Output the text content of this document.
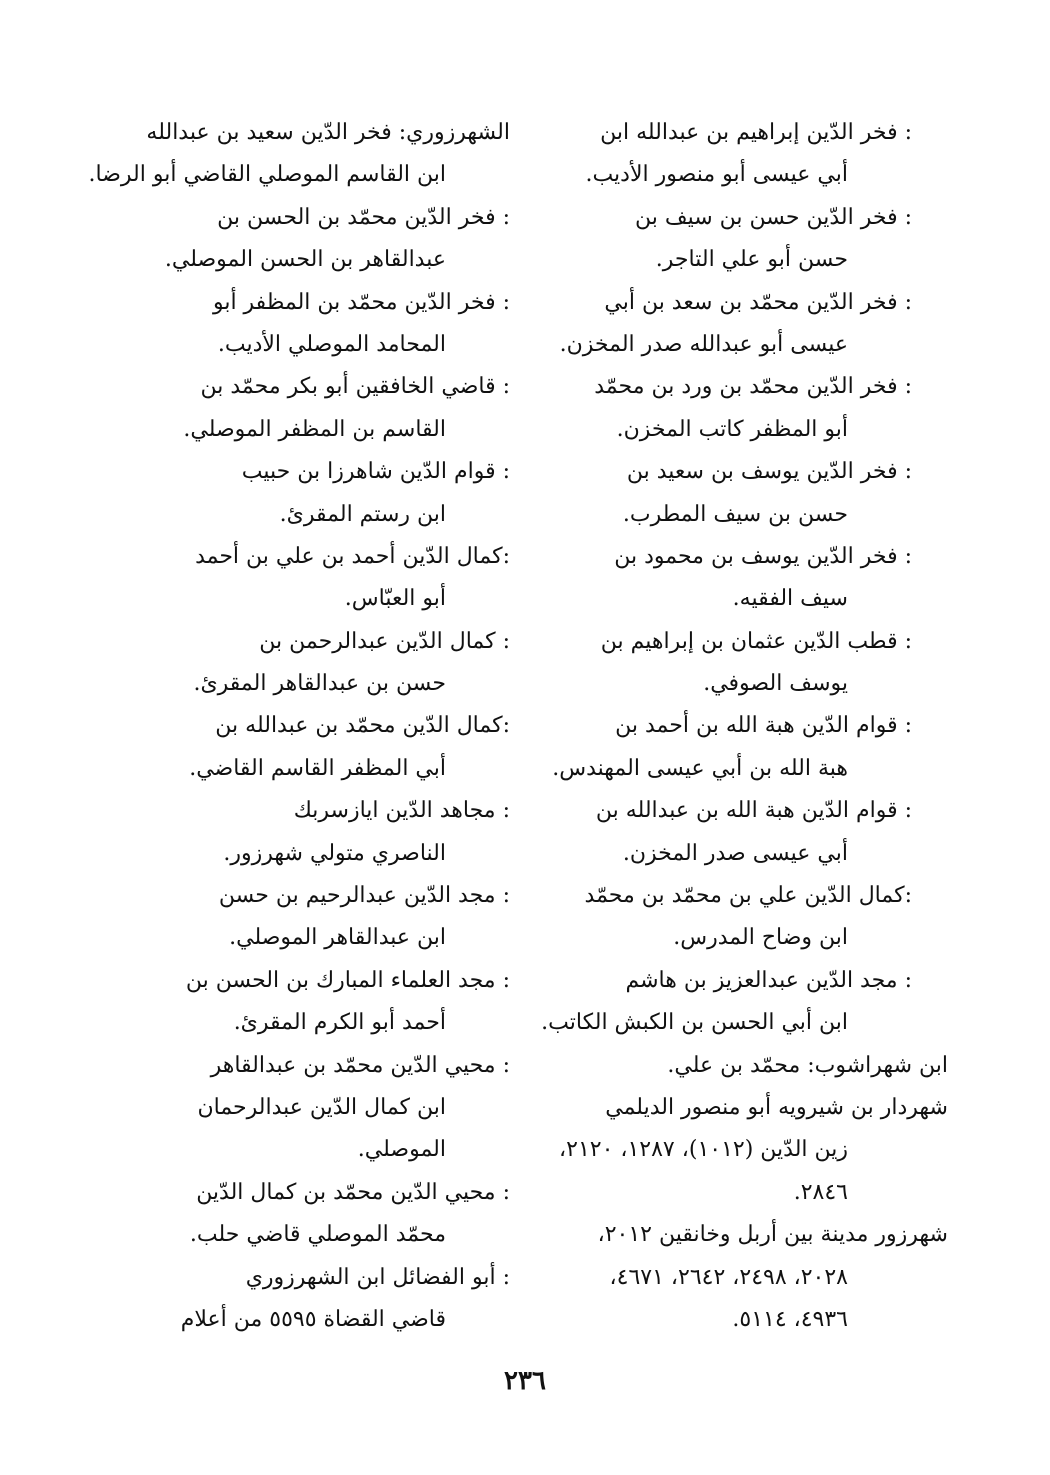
: فخر الدّين إبراهيم بن عبدالله ابن
أبي عيسى أبو منصور الأديب.
: فخر الدّين حسن بن سيف بن
حسن أبو علي التاجر.
: فخر الدّين محمّد بن سعد بن أبي
عيسى أبو عبدالله صدر المخزن.
: فخر الدّين محمّد بن ورد بن محمّد
أبو المظفر كاتب المخزن.
: فخر الدّين يوسف بن سعيد بن
حسن بن سيف المطرب.
: فخر الدّين يوسف بن محمود بن
سيف الفقيه.
: قطب الدّين عثمان بن إبراهيم بن
يوسف الصوفي.
: قوام الدّين هبة الله بن أحمد بن
هبة الله بن أبي عيسى المهندس.
: قوام الدّين هبة الله بن عبدالله بن
أبي عيسى صدر المخزن.
:كمال الدّين علي بن محمّد بن محمّد
ابن وضاح المدرس.
: مجد الدّين عبدالعزيز بن هاشم
ابن أبي الحسن بن الكبش الكاتب.
ابن شهراشوب: محمّد بن علي.
شهردار بن شيرويه أبو منصور الديلمي
زين الدّين (١٠١٢)، ١٢٨٧، ٢١٢٠،
٢٨٤٦.
شهرزور مدينة بين أربل وخانقين ٢٠١٢،
٢٠٢٨، ٢٤٩٨، ٢٦٤٢، ٤٦٧١،
٤٩٣٦، ٥١١٤.
الشهرزوري: فخر الدّين سعيد بن عبدالله
ابن القاسم الموصلي القاضي أبو الرضا.
: فخر الدّين محمّد بن الحسن بن
عبدالقاهر بن الحسن الموصلي.
: فخر الدّين محمّد بن المظفر أبو
المحامد الموصلي الأديب.
: قاضي الخافقين أبو بكر محمّد بن
القاسم بن المظفر الموصلي.
: قوام الدّين شاهرزا بن حبيب
ابن رستم المقرئ.
:كمال الدّين أحمد بن علي بن أحمد
أبو العبّاس.
: كمال الدّين عبدالرحمن بن
حسن بن عبدالقاهر المقرئ.
:كمال الدّين محمّد بن عبدالله بن
أبي المظفر القاسم القاضي.
: مجاهد الدّين ايازسربك
الناصري متولي شهرزور.
: مجد الدّين عبدالرحيم بن حسن
ابن عبدالقاهر الموصلي.
: مجد العلماء المبارك بن الحسن بن
أحمد أبو الكرم المقرئ.
: محيي الدّين محمّد بن عبدالقاهر
ابن كمال الدّين عبدالرحمان
الموصلي.
: محيي الدّين محمّد بن كمال الدّين
محمّد الموصلي قاضي حلب.
: أبو الفضائل ابن الشهرزوري
قاضي القضاة ٥٥٩٥ من أعلام
٢٣٦
